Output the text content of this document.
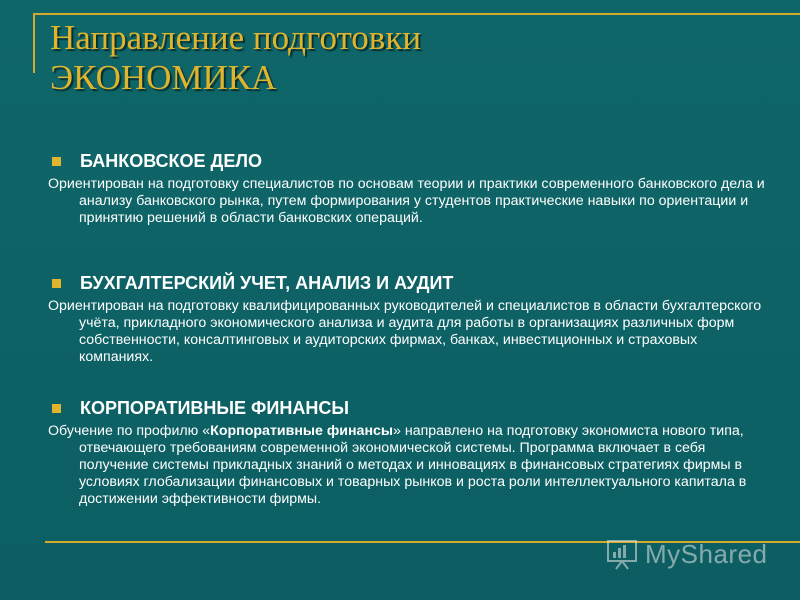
Направление подготовки
ЭКОНОМИКА
БАНКОВСКОЕ ДЕЛО
Ориентирован на подготовку специалистов по основам теории и практики современного банковского дела и анализу банковского рынка, путем формирования у студентов практические навыки по ориентации и принятию решений в области банковских операций.
БУХГАЛТЕРСКИЙ УЧЕТ, АНАЛИЗ И АУДИТ
Ориентирован на подготовку квалифицированных руководителей и специалистов в области бухгалтерского учёта, прикладного экономического анализа и аудита для работы в организациях различных форм собственности, консалтинговых и аудиторских фирмах, банках, инвестиционных и страховых компаниях.
КОРПОРАТИВНЫЕ ФИНАНСЫ
Обучение по профилю «Корпоративные финансы» направлено на подготовку экономиста нового типа, отвечающего требованиям современной экономической системы. Программа включает в себя получение системы прикладных знаний о методах и инновациях в финансовых стратегиях фирмы в условиях глобализации финансовых и товарных рынков и роста роли интеллектуального капитала в достижении эффективности фирмы.
MyShared
